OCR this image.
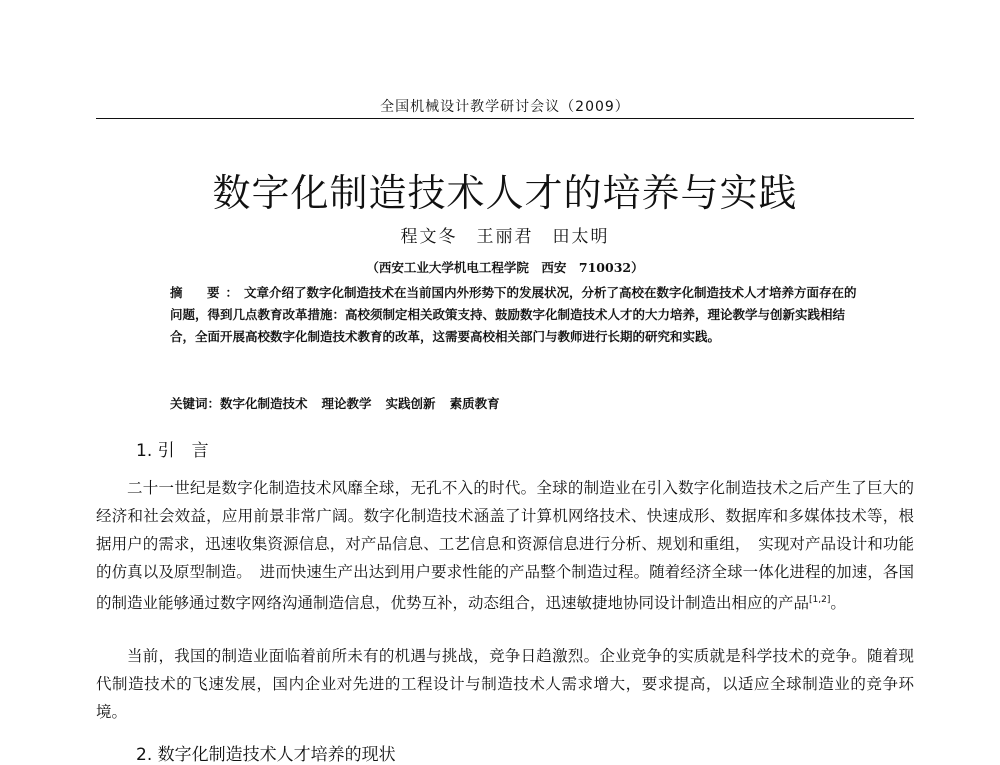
全国机械设计教学研讨会议（2009）
数字化制造技术人才的培养与实践
程文冬　王丽君　田太明
（西安工业大学机电工程学院　西安　710032）
摘　要：文章介绍了数字化制造技术在当前国内外形势下的发展状况，分析了高校在数字化制造技术人才培养方面存在的问题，得到几点教育改革措施：高校须制定相关政策支持、鼓励数字化制造技术人才的大力培养，理论教学与创新实践相结合，全面开展高校数字化制造技术教育的改革，这需要高校相关部门与教师进行长期的研究和实践。
关键词：数字化制造技术 理论教学 实践创新 素质教育
1. 引　言
二十一世纪是数字化制造技术风靡全球，无孔不入的时代。全球的制造业在引入数字化制造技术之后产生了巨大的经济和社会效益，应用前景非常广阔。数字化制造技术涵盖了计算机网络技术、快速成形、数据库和多媒体技术等，根据用户的需求，迅速收集资源信息，对产品信息、工艺信息和资源信息进行分析、规划和重组，　实现对产品设计和功能的仿真以及原型制造。　进而快速生产出达到用户要求性能的产品整个制造过程。随着经济全球一体化进程的加速，各国的制造业能够通过数字网络沟通制造信息，优势互补，动态组合，迅速敏捷地协同设计制造出相应的产品[1,2]。
当前，我国的制造业面临着前所未有的机遇与挑战，竞争日趋激烈。企业竞争的实质就是科学技术的竞争。随着现代制造技术的飞速发展，国内企业对先进的工程设计与制造技术人需求增大，要求提高，以适应全球制造业的竞争环境。
2. 数字化制造技术人才培养的现状
